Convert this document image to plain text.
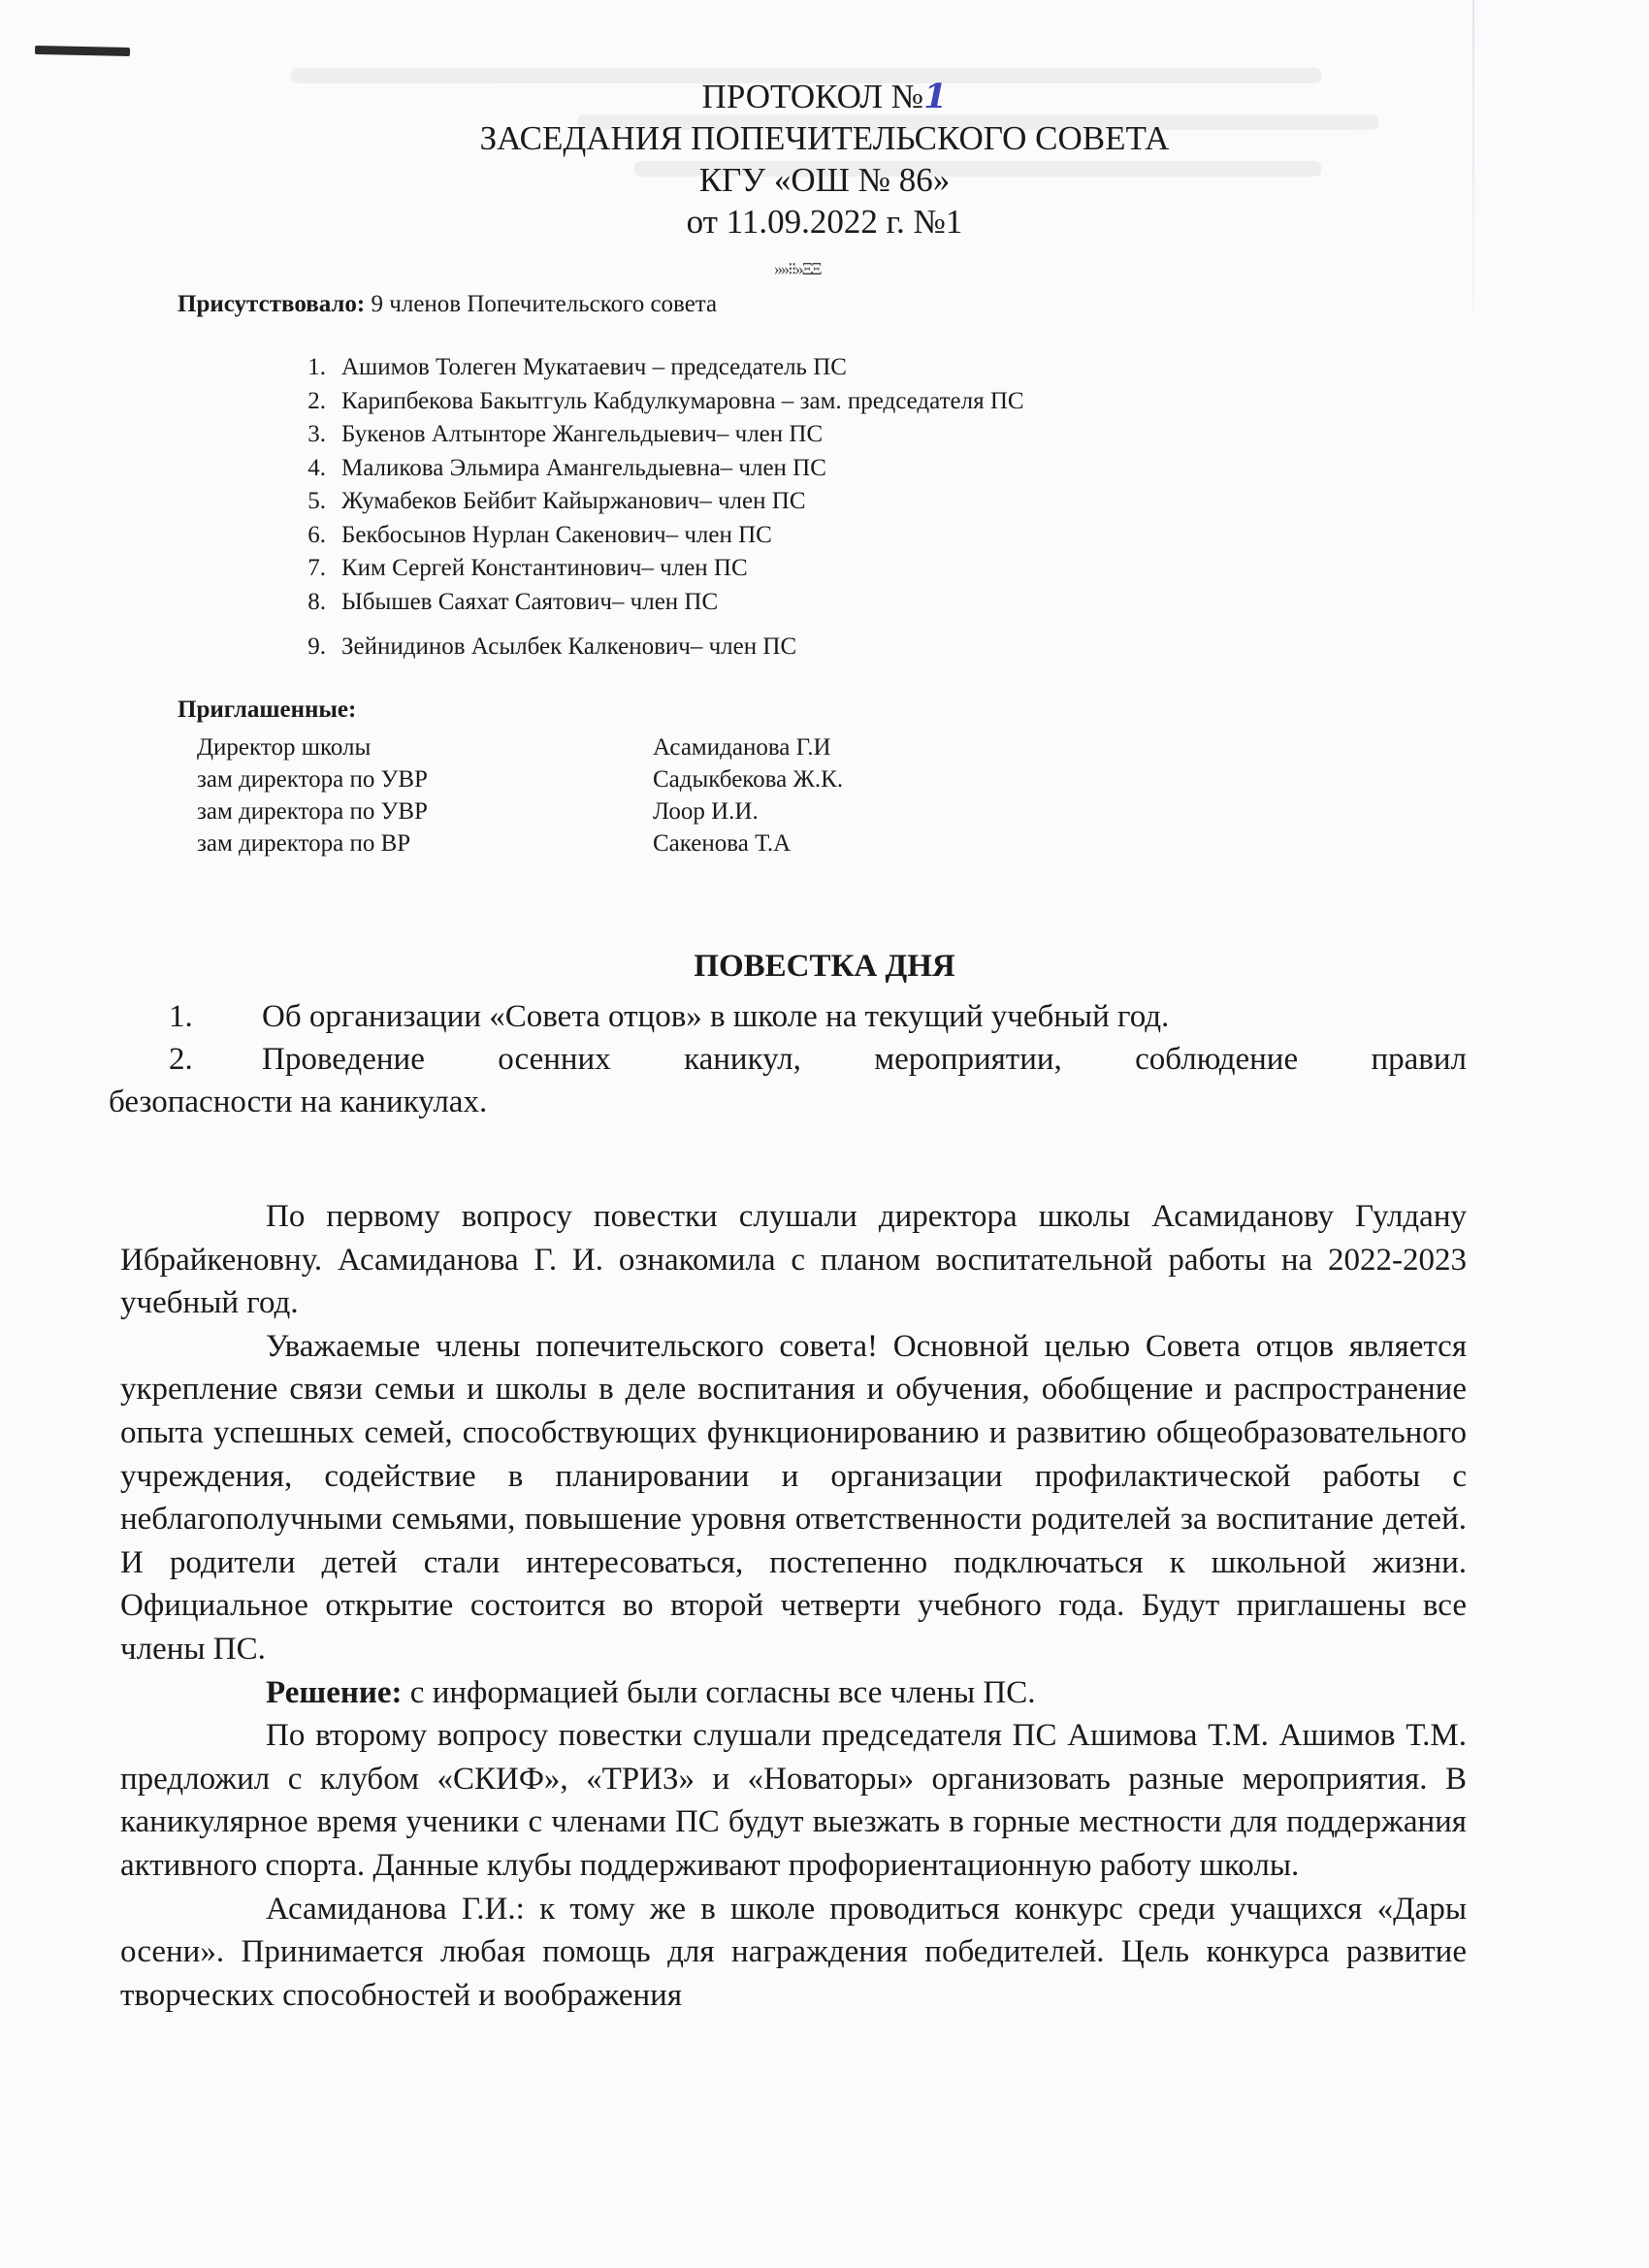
ПРОТОКОЛ №1
ЗАСЕДАНИЯ ПОПЕЧИТЕЛЬСКОГО СОВЕТА
КГУ «ОШ № 86»
от 11.09.2022 г. №1
»»⁝⁝»ΞΞ
Присутствовало: 9 членов Попечительского совета
1. Ашимов Толеген Мукатаевич – председатель ПС
2. Карипбекова Бакытгуль Кабдулкумаровна – зам. председателя ПС
3. Букенов Алтынторе Жангельдыевич– член ПС
4. Маликова Эльмира Амангельдыевна– член ПС
5. Жумабеков Бейбит Кайыржанович– член ПС
6. Бекбосынов Нурлан Сакенович– член ПС
7. Ким Сергей Константинович– член ПС
8. Ыбышев Саяхат Саятович– член ПС
9. Зейнидинов Асылбек Калкенович– член ПС
Приглашенные:
Директор школы	Асамиданова Г.И
зам директора по УВР	Садыкбекова Ж.К.
зам директора по УВР	Лоор И.И.
зам директора по ВР	Сакенова Т.А
ПОВЕСТКА ДНЯ
1.	Об организации «Совета отцов» в школе на текущий учебный год.
2.	Проведение осенних каникул, мероприятии, соблюдение правил
безопасности на каникулах.

По первому вопросу повестки слушали директора школы Асамиданову Гулдану Ибрайкеновну. Асамиданова Г. И. ознакомила с планом воспитательной работы на 2022-2023 учебный год.

Уважаемые члены попечительского совета! Основной целью Совета отцов является укрепление связи семьи и школы в деле воспитания и обучения, обобщение и распространение опыта успешных семей, способствующих функционированию и развитию общеобразовательного учреждения, содействие в планировании и организации профилактической работы с неблагополучными семьями, повышение уровня ответственности родителей за воспитание детей. И родители детей стали интересоваться, постепенно подключаться к школьной жизни. Официальное открытие состоится во второй четверти учебного года. Будут приглашены все члены ПС.

Решение: с информацией были согласны все члены ПС.

По второму вопросу повестки слушали председателя ПС Ашимова Т.М. Ашимов Т.М. предложил с клубом «СКИФ», «ТРИЗ» и «Новаторы» организовать разные мероприятия. В каникулярное время ученики с членами ПС будут выезжать в горные местности для поддержания активного спорта. Данные клубы поддерживают профориентационную работу школы.

Асамиданова Г.И.: к тому же в школе проводиться конкурс среди учащихся «Дары осени». Принимается любая помощь для награждения победителей. Цель конкурса развитие творческих способностей и воображения
